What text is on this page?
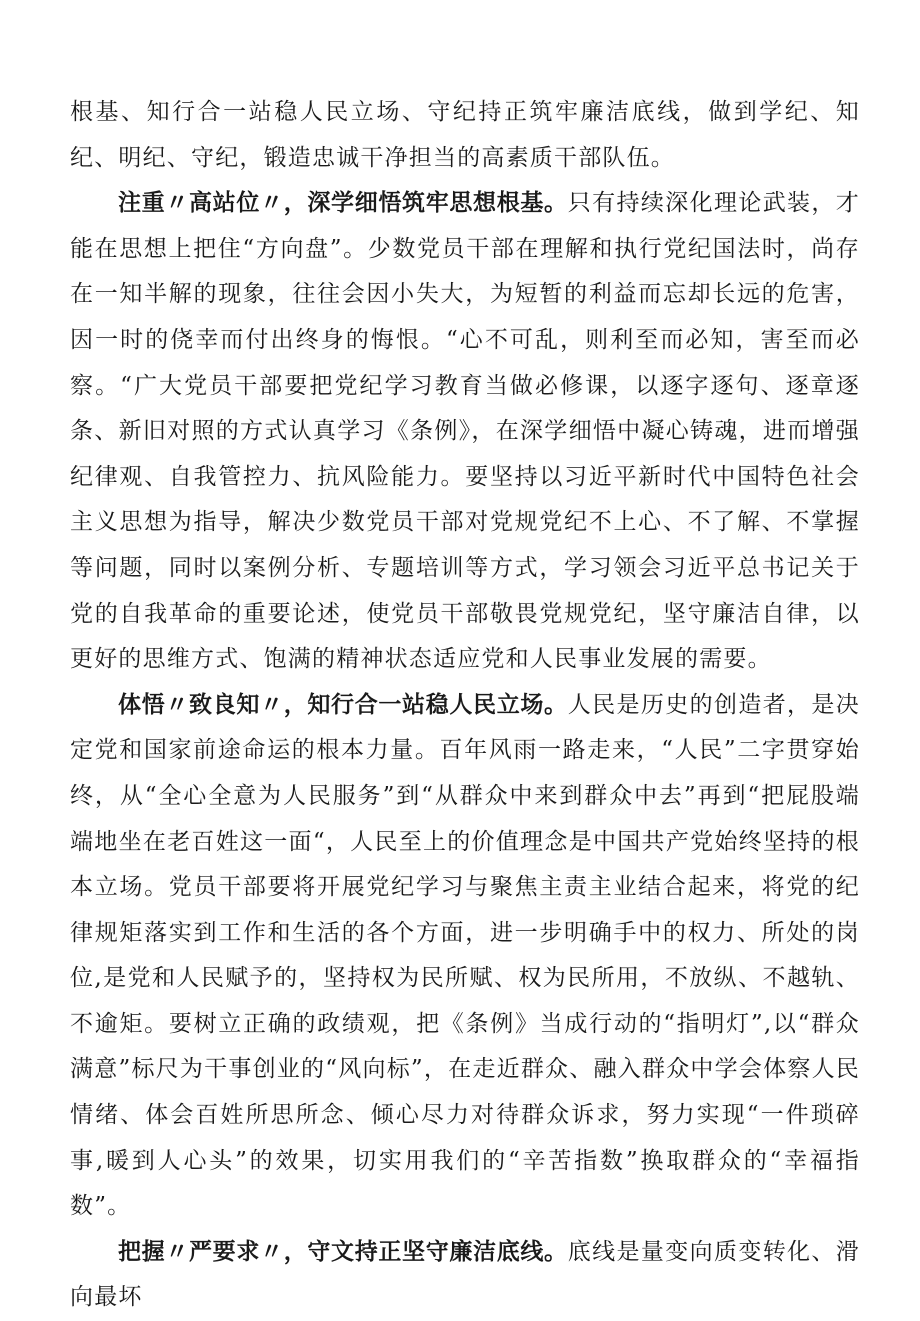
根基、知行合一站稳人民立场、守纪持正筑牢廉洁底线，做到学纪、知纪、明纪、守纪，锻造忠诚干净担当的高素质干部队伍。

注重〃高站位〃，深学细悟筑牢思想根基。只有持续深化理论武装，才能在思想上把住“方向盘”。少数党员干部在理解和执行党纪国法时，尚存在一知半解的现象，往往会因小失大，为短暂的利益而忘却长远的危害，因一时的侥幸而付出终身的悔恨。“心不可乱，则利至而必知，害至而必察。“广大党员干部要把党纪学习教育当做必修课，以逐字逐句、逐章逐条、新旧对照的方式认真学习《条例》，在深学细悟中凝心铸魂，进而增强纪律观、自我管控力、抗风险能力。要坚持以习近平新时代中国特色社会主义思想为指导，解决少数党员干部对党规党纪不上心、不了解、不掌握等问题，同时以案例分析、专题培训等方式，学习领会习近平总书记关于党的自我革命的重要论述，使党员干部敬畏党规党纪，坚守廉洁自律，以更好的思维方式、饱满的精神状态适应党和人民事业发展的需要。

体悟〃致良知〃，知行合一站稳人民立场。人民是历史的创造者，是决定党和国家前途命运的根本力量。百年风雨一路走来，“人民”二字贯穿始终，从“全心全意为人民服务”到“从群众中来到群众中去”再到“把屁股端端地坐在老百姓这一面“，人民至上的价值理念是中国共产党始终坚持的根本立场。党员干部要将开展党纪学习与聚焦主责主业结合起来，将党的纪律规矩落实到工作和生活的各个方面，进一步明确手中的权力、所处的岗位,是党和人民赋予的，坚持权为民所赋、权为民所用，不放纵、不越轨、不逾矩。要树立正确的政绩观，把《条例》当成行动的“指明灯”,以“群众满意”标尺为干事创业的“风向标”，在走近群众、融入群众中学会体察人民情绪、体会百姓所思所念、倾心尽力对待群众诉求，努力实现“一件琐碎事,暖到人心头”的效果，切实用我们的“辛苦指数”换取群众的“幸福指数”。

把握〃严要求〃，守文持正坚守廉洁底线。底线是量变向质变转化、滑向最坏
